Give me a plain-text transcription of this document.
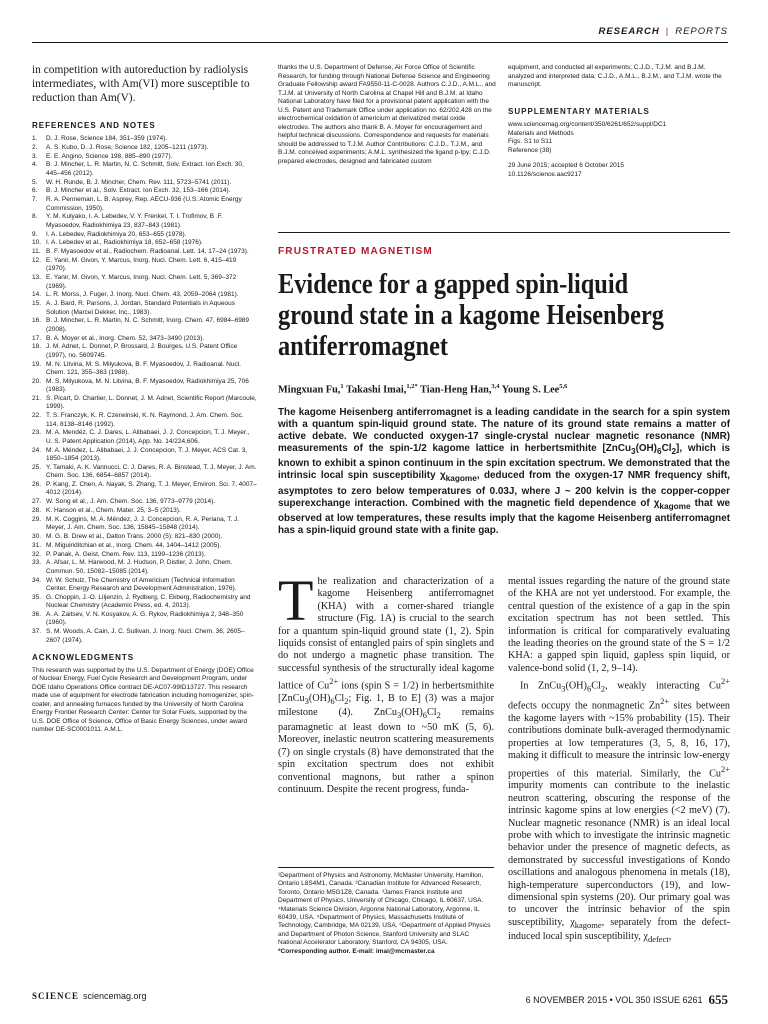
RESEARCH | REPORTS

in competition with autoreduction by radiolysis intermediates, with Am(VI) more susceptible to reduction than Am(V).

REFERENCES AND NOTES
1.	D. J. Rose, Science 184, 351–359 (1974).
2.	A. S. Kubo, D. J. Rose, Science 182, 1205–1211 (1973).
3.	E. E. Angino, Science 198, 885–890 (1977).
4.	B. J. Mincher, L. R. Martin, N. C. Schmitt, Solv. Extract. Ion Exch. 30, 445–456 (2012).
5.	W. H. Runde, B. J. Mincher, Chem. Rev. 111, 5723–5741 (2011).
6.	B. J. Mincher et al., Solv. Extract. Ion Exch. 32, 153–166 (2014).
7.	R. A. Penneman, L. B. Asprey, Rep. AECU-936 (U.S. Atomic Energy Commission, 1950).
8.	Y. M. Kulyako, I. A. Lebedev, V. Y. Frenkel, T. I. Trofimov, B .F. Myasoedov, Radiokhimiya 23, 837–843 (1981).
9.	I. A. Lebedev, Radiokhimiya 20, 653–655 (1978).
10. I. A. Lebedev et al., Radiokhimiya 18, 652–658 (1976).
11. B. F. Myasoedov et al., Radiochem. Radioanal. Lett. 14, 17–24 (1973).
12. E. Yanir, M. Givon, Y. Marcus, Inorg. Nucl. Chem. Lett. 6, 415–419 (1970).
13. E. Yanir, M. Givon, Y. Marcus, Inorg. Nucl. Chem. Lett. 5, 369–372 (1969).
14. L. R. Morss, J. Fuger, J. Inorg. Nucl. Chem. 43, 2059–2064 (1981).
15. A. J. Bard, R. Parsons, J. Jordan, Standard Potentials in Aqueous Solution (Marcel Dekker, Inc., 1983).
16. B. J. Mincher, L. R. Martin, N. C. Schmitt, Inorg. Chem. 47, 6984–6989 (2008).
17. B. A. Moyer et al., Inorg. Chem. 52, 3473–3490 (2013).
18. J. M. Adnet, L. Donnet, P. Brossard, J. Bourges, U.S. Patent Office (1997), no. 5609745.
19. M. N. Litvina, M. S. Milyukova, B. F. Myasoedov, J. Radioanal. Nucl. Chem. 121, 355–363 (1988).
20. M. S. Milyukova, M. N. Litvina, B. F. Myasoedov, Radiokhimiya 25, 706 (1983).
21. S. Picart, D. Chartier, L. Donnet, J. M. Adnet, Scientific Report (Marcoule, 1999).
22. T. S. Franczyk, K. R. Czerwinski, K. N. Raymond, J. Am. Chem. Soc. 114, 8138–8146 (1992).
23. M. A. Mendéz, C. J. Dares, L. Alibabaei, J. J. Concepcion, T. J. Meyer., U. S. Patent Application (2014), App. No. 14/224,606.
24. M. A. Méndez, L. Alibabaei, J. J. Concepcion, T. J. Meyer, ACS Cat. 3, 1850–1854 (2013).
25. Y. Tamaki, A. K. Vannucci, C. J. Dares, R. A. Binstead, T. J. Meyer, J. Am. Chem. Soc. 136, 6854–6857 (2014).
26. P. Kang, Z. Chen, A. Nayak, S. Zhang, T. J. Meyer, Environ. Sci. 7, 4007–4012 (2014).
27. W. Song et al., J. Am. Chem. Soc. 136, 9773–9779 (2014).
28. K. Hanson et al., Chem. Mater. 25, 3–5 (2013).
29. M. K. Coggins, M. A. Méndez, J. J. Concepcion, R. A. Periana, T. J. Meyer, J. Am. Chem. Soc. 136, 15845–15848 (2014).
30. M. G. B. Drew et al., Dalton Trans. 2000 (5): 821–830 (2000).
31. M. Miguiriditchian et al., Inorg. Chem. 44, 1404–1412 (2005).
32. P. Panak, A. Geist, Chem. Rev. 113, 1199–1236 (2013).
33. A. Afsar, L. M. Harwood, M. J. Hudson, P. Distler, J. John, Chem. Commun. 50, 15082–15085 (2014).
34. W. W. Schulz, The Chemistry of Americium (Technical Information Center, Energy Research and Development Administration, 1976).
35. G. Choppin, J.-O. Liljenzin, J. Rydberg, C. Ekberg, Radiochemistry and Nuclear Chemistry (Academic Press, ed. 4, 2013).
36. A. A. Zaitsev, V. N. Kosyakov, A. G. Rykov, Radiokhimiya 2, 348–350 (1960).
37. S. M. Woods, A. Cain, J. C. Sullivan, J. Inorg. Nucl. Chem. 36, 2605–2607 (1974).
ACKNOWLEDGMENTS

This research was supported by the U.S. Department of Energy (DOE) Office of Nuclear Energy, Fuel Cycle Research and Development Program, under DOE Idaho Operations Office contract DE-AC07-99ID13727. This research made use of equipment for electrode fabrication including homogenizer, spin-coater, and annealing furnaces funded by the University of North Carolina Energy Frontier Research Center: Center for Solar Fuels, supported by the U.S. DOE Office of Science, Office of Basic Energy Sciences, under award number DE-SC0001011. A.M.L.

thanks the U.S. Department of Defense, Air Force Office of Scientific Research, for funding through National Defense Science and Engineering Graduate Fellowship award FA9550-11-C-0028. Authors C.J.D., A.M.L., and T.J.M. at University of North Carolina at Chapel Hill and B.J.M. at Idaho National Laboratory have filed for a provisional patent application with the U.S. Patent and Trademark Office under application no. 62/202,428 on the electrochemical oxidation of americium at derivatized metal oxide electrodes. The authors also thank B. A. Moyer for encouragement and helpful technical discussions. Correspondence and requests for materials should be addressed to T.J.M. Author Contributions: C.J.D., T.J.M., and B.J.M. conceived experiments; A.M.L. synthesized the ligand p-tpy; C.J.D. prepared electrodes, designed and fabricated custom

equipment, and conducted all experiments; C.J.D., T.J.M. and B.J.M. analyzed and interpreted data; C.J.D., A.M.L., B.J.M., and T.J.M. wrote the manuscript.

SUPPLEMENTARY MATERIALS
www.sciencemag.org/content/350/6261/652/suppl/DC1
Materials and Methods
Figs. S1 to S11
Reference (38)
29 June 2015; accepted 6 October 2015
10.1126/science.aac9217
FRUSTRATED MAGNETISM
Evidence for a gapped spin-liquid ground state in a kagome Heisenberg antiferromagnet
Mingxuan Fu,$^1$ Takashi Imai,$^{1,2*}$ Tian-Heng Han,$^{3,4}$ Young S. Lee$^{5,6}$

The kagome Heisenberg antiferromagnet is a leading candidate in the search for a spin system with a quantum spin-liquid ground state. The nature of its ground state remains a matter of active debate. We conducted oxygen-17 single-crystal nuclear magnetic resonance (NMR) measurements of the spin-1/2 kagome lattice in herbertsmithite $[ZnCu_3(OH)_6Cl_2]$, which is known to exhibit a spinon continuum in the spin excitation spectrum. We demonstrated that the intrinsic local spin susceptibility $\chi_{kagome}$, deduced from the oxygen-17 NMR frequency shift, asymptotes to zero below temperatures of 0.03J, where J ~ 200 kelvin is the copper-copper superexchange interaction. Combined with the magnetic field dependence of $\chi_{kagome}$ that we observed at low temperatures, these results imply that the kagome Heisenberg antiferromagnet has a spin-liquid ground state with a finite gap.

The realization and characterization of a kagome Heisenberg antiferromagnet (KHA) with a corner-shared triangle structure (Fig. 1A) is crucial to the search for a quantum spin-liquid ground state (1, 2). Spin liquids consist of entangled pairs of spin singlets and do not undergo a magnetic phase transition. The successful synthesis of the structurally ideal kagome lattice of $Cu^{2+}$ ions (spin S = 1/2) in herbertsmithite [$ZnCu_3(OH)_6Cl_2$; Fig. 1, B to E] (3) was a major milestone (4). $ZnCu_3(OH)_6Cl_2$ remains paramagnetic at least down to ~50 mK (5, 6). Moreover, inelastic neutron scattering measurements (7) on single crystals (8) have demonstrated that the spin excitation spectrum does not exhibit conventional magnons, but rather a spinon continuum. Despite the recent progress, funda-

¹Department of Physics and Astronomy, McMaster University, Hamilton, Ontario L8S4M1, Canada. ²Canadian Institute for Advanced Research, Toronto, Ontario M5G1Z8, Canada. ³James Franck Institute and Department of Physics, University of Chicago, Chicago, IL 60637, USA. ⁴Materials Science Division, Argonne National Laboratory, Argonne, IL 60439, USA. ⁵Department of Physics, Massachusetts Institute of Technology, Cambridge, MA 02139, USA. ⁶Department of Applied Physics and Department of Photon Science, Stanford University and SLAC National Accelerator Laboratory, Stanford, CA 94305, USA.

*Corresponding author. E-mail: imai@mcmaster.ca

mental issues regarding the nature of the ground state of the KHA are not yet understood. For example, the central question of the existence of a gap in the spin excitation spectrum has not been settled. This information is critical for comparatively evaluating the leading theories on the ground state of the S = 1/2 KHA: a gapped spin liquid, gapless spin liquid, or valence-bond solid (1, 2, 9–14).

In $ZnCu_3(OH)_6Cl_2$, weakly interacting $Cu^{2+}$ defects occupy the nonmagnetic $Zn^{2+}$ sites between the kagome layers with ~15% probability (15). Their contributions dominate bulk-averaged thermodynamic properties at low temperatures (3, 5, 8, 16, 17), making it difficult to measure the intrinsic low-energy properties of this material. Similarly, the $Cu^{2+}$ impurity moments can contribute to the inelastic neutron scattering, obscuring the response of the intrinsic kagome spins at low energies (<2 meV) (7). Nuclear magnetic resonance (NMR) is an ideal local probe with which to investigate the intrinsic magnetic behavior under the presence of magnetic defects, as demonstrated by successful investigations of Kondo oscillations and analogous phenomena in metals (18), high-temperature superconductors (19), and low-dimensional spin systems (20). Our primary goal was to uncover the intrinsic behavior of the spin susceptibility, $\chi_{kagome}$, separately from the defect-induced local spin susceptibility, $\chi_{defect}$,

SCIENCE sciencemag.org	6 NOVEMBER 2015 • VOL 350 ISSUE 6261 655
